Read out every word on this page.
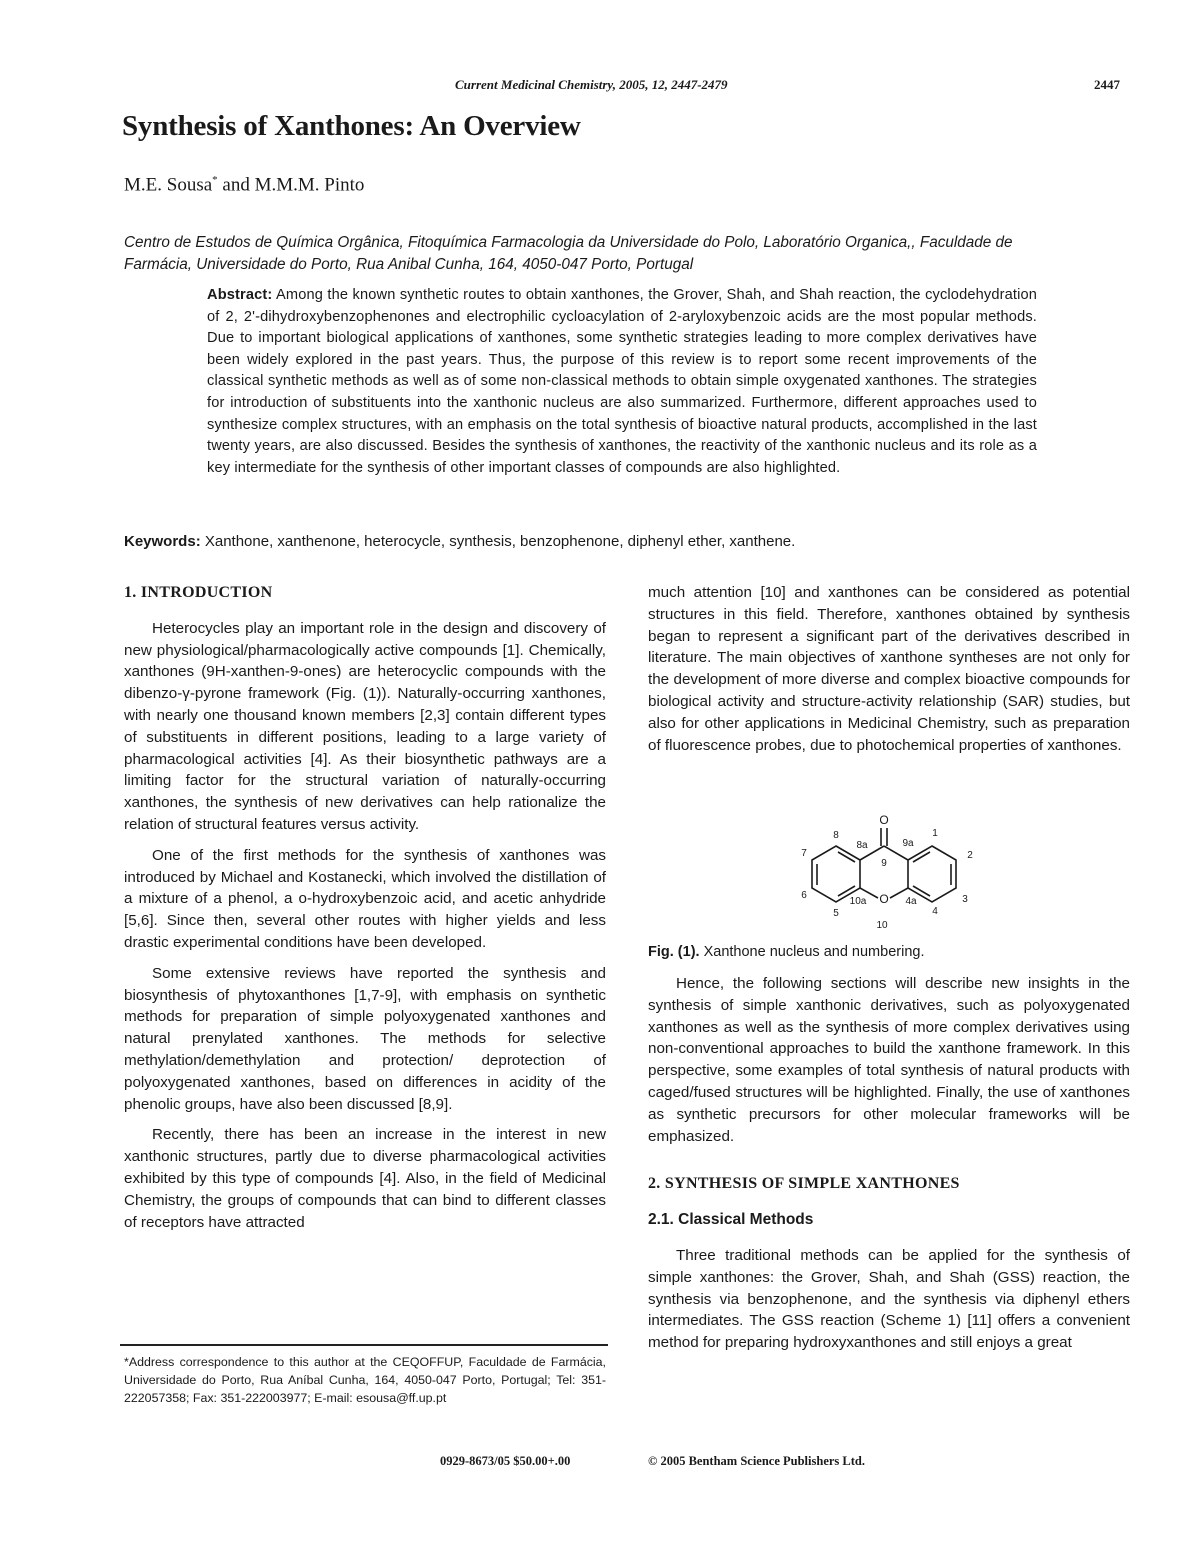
Current Medicinal Chemistry, 2005, 12, 2447-2479	2447
Synthesis of Xanthones: An Overview
M.E. Sousa* and M.M.M. Pinto
Centro de Estudos de Química Orgânica, Fitoquímica Farmacologia da Universidade do Polo, Laboratório Organica,, Faculdade de Farmácia, Universidade do Porto, Rua Anibal Cunha, 164, 4050-047 Porto, Portugal
Abstract: Among the known synthetic routes to obtain xanthones, the Grover, Shah, and Shah reaction, the cyclodehydration of 2, 2'-dihydroxybenzophenones and electrophilic cycloacylation of 2-aryloxybenzoic acids are the most popular methods. Due to important biological applications of xanthones, some synthetic strategies leading to more complex derivatives have been widely explored in the past years. Thus, the purpose of this review is to report some recent improvements of the classical synthetic methods as well as of some non-classical methods to obtain simple oxygenated xanthones. The strategies for introduction of substituents into the xanthonic nucleus are also summarized. Furthermore, different approaches used to synthesize complex structures, with an emphasis on the total synthesis of bioactive natural products, accomplished in the last twenty years, are also discussed. Besides the synthesis of xanthones, the reactivity of the xanthonic nucleus and its role as a key intermediate for the synthesis of other important classes of compounds are also highlighted.
Keywords: Xanthone, xanthenone, heterocycle, synthesis, benzophenone, diphenyl ether, xanthene.
1. INTRODUCTION

Heterocycles play an important role in the design and discovery of new physiological/pharmacologically active compounds [1]. Chemically, xanthones (9H-xanthen-9-ones) are heterocyclic compounds with the dibenzo-γ-pyrone framework (Fig. (1)). Naturally-occurring xanthones, with nearly one thousand known members [2,3] contain different types of substituents in different positions, leading to a large variety of pharmacological activities [4]. As their biosynthetic pathways are a limiting factor for the structural variation of naturally-occurring xanthones, the synthesis of new derivatives can help rationalize the relation of structural features versus activity.

One of the first methods for the synthesis of xanthones was introduced by Michael and Kostanecki, which involved the distillation of a mixture of a phenol, a o-hydroxybenzoic acid, and acetic anhydride [5,6]. Since then, several other routes with higher yields and less drastic experimental conditions have been developed.

Some extensive reviews have reported the synthesis and biosynthesis of phytoxanthones [1,7-9], with emphasis on synthetic methods for preparation of simple polyoxygenated xanthones and natural prenylated xanthones. The methods for selective methylation/demethylation and protection/ deprotection of polyoxygenated xanthones, based on differences in acidity of the phenolic groups, have also been discussed [8,9].

Recently, there has been an increase in the interest in new xanthonic structures, partly due to diverse pharmacological activities exhibited by this type of compounds [4]. Also, in the field of Medicinal Chemistry, the groups of compounds that can bind to different classes of receptors have attracted

much attention [10] and xanthones can be considered as potential structures in this field. Therefore, xanthones obtained by synthesis began to represent a significant part of the derivatives described in literature. The main objectives of xanthone syntheses are not only for the development of more diverse and complex bioactive compounds for biological activity and structure-activity relationship (SAR) studies, but also for other applications in Medicinal Chemistry, such as preparation of fluorescence probes, due to photochemical properties of xanthones.

O
O
8	1
7	2
6	3
5	4
8a	9a
9
10a	4a
10
Fig. (1). Xanthone nucleus and numbering.

Hence, the following sections will describe new insights in the synthesis of simple xanthonic derivatives, such as polyoxygenated xanthones as well as the synthesis of more complex derivatives using non-conventional approaches to build the xanthone framework. In this perspective, some examples of total synthesis of natural products with caged/fused structures will be highlighted. Finally, the use of xanthones as synthetic precursors for other molecular frameworks will be emphasized.

2. SYNTHESIS OF SIMPLE XANTHONES
2.1. Classical Methods

Three traditional methods can be applied for the synthesis of simple xanthones: the Grover, Shah, and Shah (GSS) reaction, the synthesis via benzophenone, and the synthesis via diphenyl ethers intermediates. The GSS reaction (Scheme 1) [11] offers a convenient method for preparing hydroxyxanthones and still enjoys a great

*Address correspondence to this author at the CEQOFFUP, Faculdade de Farmácia, Universidade do Porto, Rua Aníbal Cunha, 164, 4050-047 Porto, Portugal; Tel: 351-222057358; Fax: 351-222003977; E-mail: esousa@ff.up.pt
0929-8673/05 $50.00+.00	© 2005 Bentham Science Publishers Ltd.
